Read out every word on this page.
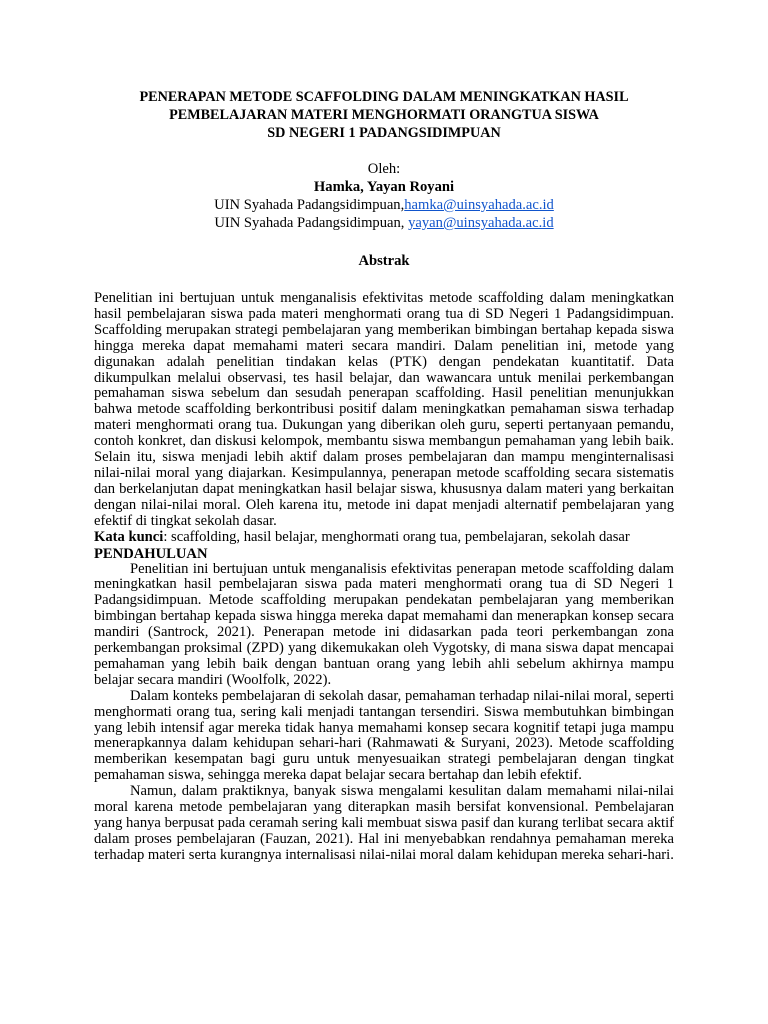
PENERAPAN METODE SCAFFOLDING DALAM MENINGKATKAN HASIL
PEMBELAJARAN MATERI MENGHORMATI ORANGTUA SISWA
SD NEGERI 1 PADANGSIDIMPUAN
Oleh:
Hamka, Yayan Royani
UIN Syahada Padangsidimpuan,hamka@uinsyahada.ac.id
UIN Syahada Padangsidimpuan, yayan@uinsyahada.ac.id
Abstrak

Penelitian ini bertujuan untuk menganalisis efektivitas metode scaffolding dalam meningkatkan hasil pembelajaran siswa pada materi menghormati orang tua di SD Negeri 1 Padangsidimpuan. Scaffolding merupakan strategi pembelajaran yang memberikan bimbingan bertahap kepada siswa hingga mereka dapat memahami materi secara mandiri. Dalam penelitian ini, metode yang digunakan adalah penelitian tindakan kelas (PTK) dengan pendekatan kuantitatif. Data dikumpulkan melalui observasi, tes hasil belajar, dan wawancara untuk menilai perkembangan pemahaman siswa sebelum dan sesudah penerapan scaffolding. Hasil penelitian menunjukkan bahwa metode scaffolding berkontribusi positif dalam meningkatkan pemahaman siswa terhadap materi menghormati orang tua. Dukungan yang diberikan oleh guru, seperti pertanyaan pemandu, contoh konkret, dan diskusi kelompok, membantu siswa membangun pemahaman yang lebih baik. Selain itu, siswa menjadi lebih aktif dalam proses pembelajaran dan mampu menginternalisasi nilai-nilai moral yang diajarkan. Kesimpulannya, penerapan metode scaffolding secara sistematis dan berkelanjutan dapat meningkatkan hasil belajar siswa, khususnya dalam materi yang berkaitan dengan nilai-nilai moral. Oleh karena itu, metode ini dapat menjadi alternatif pembelajaran yang efektif di tingkat sekolah dasar.

Kata kunci: scaffolding, hasil belajar, menghormati orang tua, pembelajaran, sekolah dasar

PENDAHULUAN

Penelitian ini bertujuan untuk menganalisis efektivitas penerapan metode scaffolding dalam meningkatkan hasil pembelajaran siswa pada materi menghormati orang tua di SD Negeri 1 Padangsidimpuan. Metode scaffolding merupakan pendekatan pembelajaran yang memberikan bimbingan bertahap kepada siswa hingga mereka dapat memahami dan menerapkan konsep secara mandiri (Santrock, 2021). Penerapan metode ini didasarkan pada teori perkembangan zona perkembangan proksimal (ZPD) yang dikemukakan oleh Vygotsky, di mana siswa dapat mencapai pemahaman yang lebih baik dengan bantuan orang yang lebih ahli sebelum akhirnya mampu belajar secara mandiri (Woolfolk, 2022).

Dalam konteks pembelajaran di sekolah dasar, pemahaman terhadap nilai-nilai moral, seperti menghormati orang tua, sering kali menjadi tantangan tersendiri. Siswa membutuhkan bimbingan yang lebih intensif agar mereka tidak hanya memahami konsep secara kognitif tetapi juga mampu menerapkannya dalam kehidupan sehari-hari (Rahmawati & Suryani, 2023). Metode scaffolding memberikan kesempatan bagi guru untuk menyesuaikan strategi pembelajaran dengan tingkat pemahaman siswa, sehingga mereka dapat belajar secara bertahap dan lebih efektif.

Namun, dalam praktiknya, banyak siswa mengalami kesulitan dalam memahami nilai-nilai moral karena metode pembelajaran yang diterapkan masih bersifat konvensional. Pembelajaran yang hanya berpusat pada ceramah sering kali membuat siswa pasif dan kurang terlibat secara aktif dalam proses pembelajaran (Fauzan, 2021). Hal ini menyebabkan rendahnya pemahaman mereka terhadap materi serta kurangnya internalisasi nilai-nilai moral dalam kehidupan mereka sehari-hari.
